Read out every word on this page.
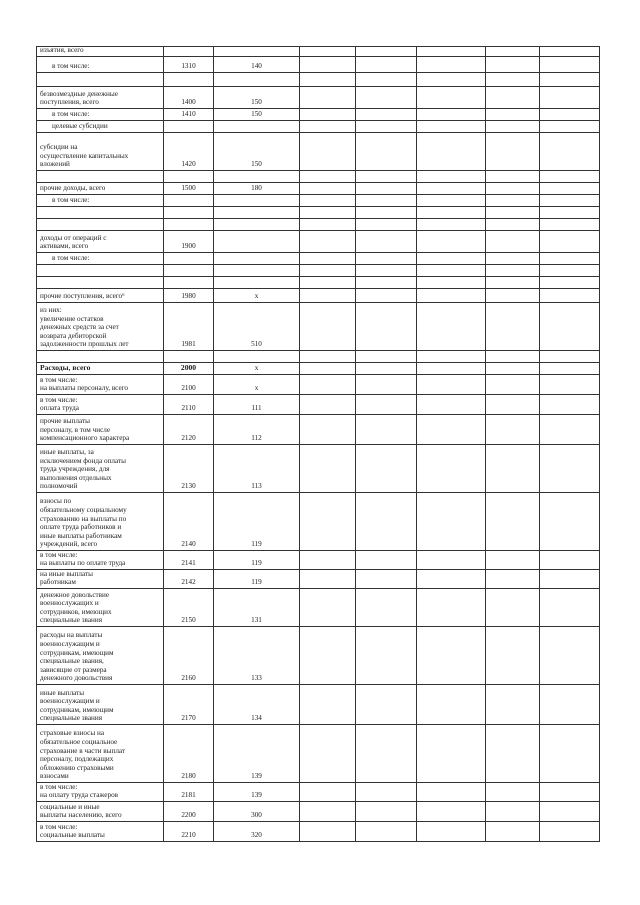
изъятия, всего
в том числе:	1310	140
безвозмездные денежные
поступления, всего	1400	150
в том числе:	1410	150
целевые субсидии
субсидии на
осуществление капитальных
вложений	1420	150
прочие доходы, всего	1500	180
в том числе:
доходы от операций с
активами, всего	1900
в том числе:
прочие поступления, всего⁶	1980	х
из них:
увеличение остатков
денежных средств за счет
возврата дебиторской
задолженности прошлых лет	1981	510
Расходы, всего	2000	х
в том числе:
на выплаты персоналу, всего	2100	х
в том числе:
оплата труда	2110	111
прочие выплаты
персоналу, в том числе
компенсационного характера	2120	112
иные выплаты, за
исключением фонда оплаты
труда учреждения, для
выполнения отдельных
полномочий	2130	113
взносы по
обязательному социальному
страхованию на выплаты по
оплате труда работников и
иные выплаты работникам
учреждений, всего	2140	119
в том числе:
на выплаты по оплате труда	2141	119
на иные выплаты
работникам	2142	119
денежное довольствие
военнослужащих и
сотрудников, имеющих
специальные звания	2150	131
расходы на выплаты
военнослужащим и
сотрудникам, имеющим
специальные звания,
зависящие от размера
денежного довольствия	2160	133
иные выплаты
военнослужащим и
сотрудникам, имеющим
специальные звания	2170	134
страховые взносы на
обязательное социальное
страхование в части выплат
персоналу, подлежащих
обложению страховыми
взносами	2180	139
в том числе:
на оплату труда стажеров	2181	139
социальные и иные
выплаты населению, всего	2200	300
в том числе:
социальные выплаты	2210	320
